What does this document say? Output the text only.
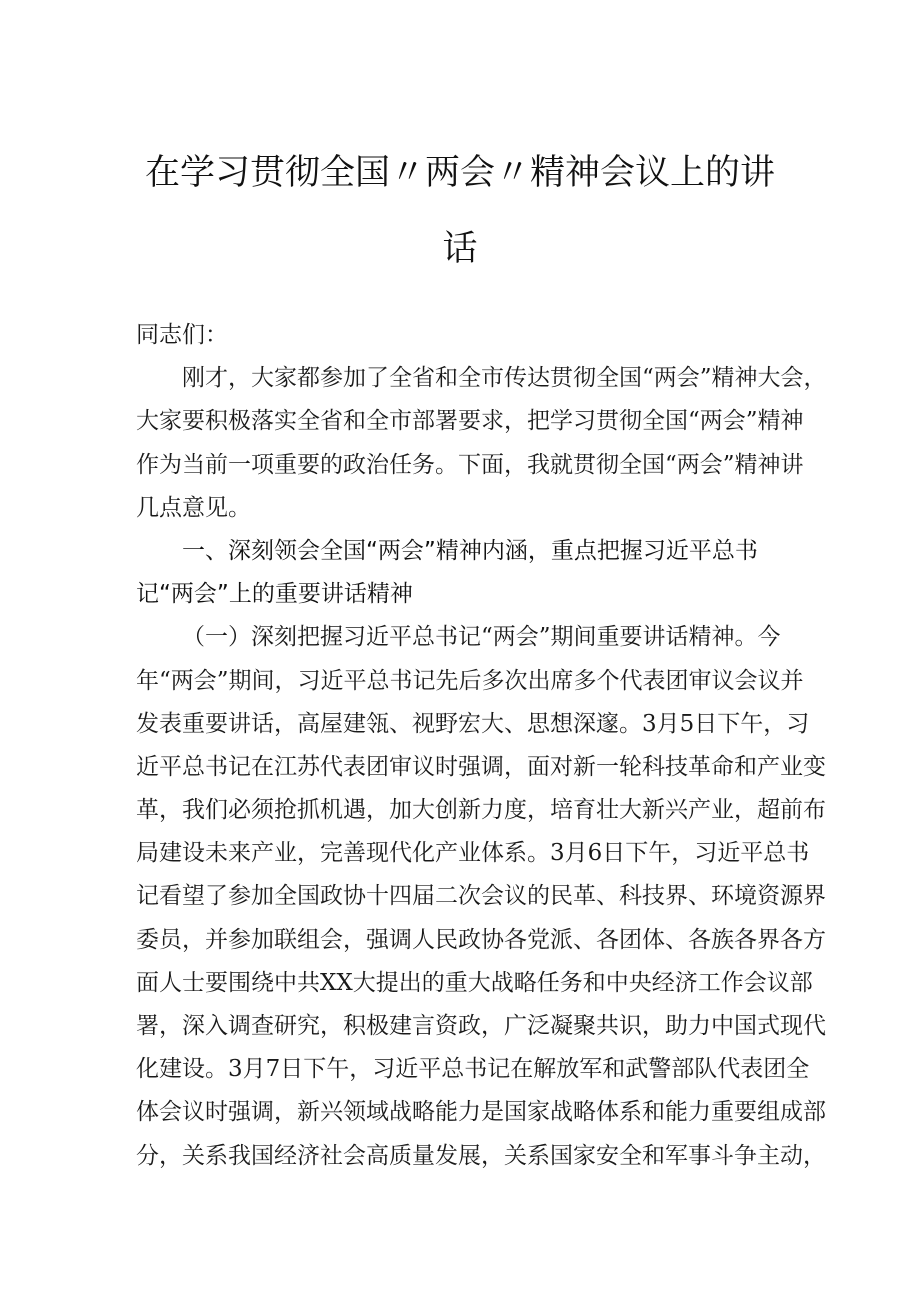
在学习贯彻全国〃两会〃精神会议上的讲
话
同志们：
刚才，大家都参加了全省和全市传达贯彻全国“两会”精神大会，
大家要积极落实全省和全市部署要求，把学习贯彻全国“两会”精神
作为当前一项重要的政治任务。下面，我就贯彻全国“两会”精神讲
几点意见。
一、深刻领会全国“两会”精神内涵，重点把握习近平总书
记“两会”上的重要讲话精神
（一）深刻把握习近平总书记“两会”期间重要讲话精神。今
年“两会”期间，习近平总书记先后多次出席多个代表团审议会议并
发表重要讲话，高屋建瓴、视野宏大、思想深邃。3月5日下午，习
近平总书记在江苏代表团审议时强调，面对新一轮科技革命和产业变
革，我们必须抢抓机遇，加大创新力度，培育壮大新兴产业，超前布
局建设未来产业，完善现代化产业体系。3月6日下午，习近平总书
记看望了参加全国政协十四届二次会议的民革、科技界、环境资源界
委员，并参加联组会，强调人民政协各党派、各团体、各族各界各方
面人士要围绕中共XX大提出的重大战略任务和中央经济工作会议部
署，深入调查研究，积极建言资政，广泛凝聚共识，助力中国式现代
化建设。3月7日下午，习近平总书记在解放军和武警部队代表团全
体会议时强调，新兴领域战略能力是国家战略体系和能力重要组成部
分，关系我国经济社会高质量发展，关系国家安全和军事斗争主动，
